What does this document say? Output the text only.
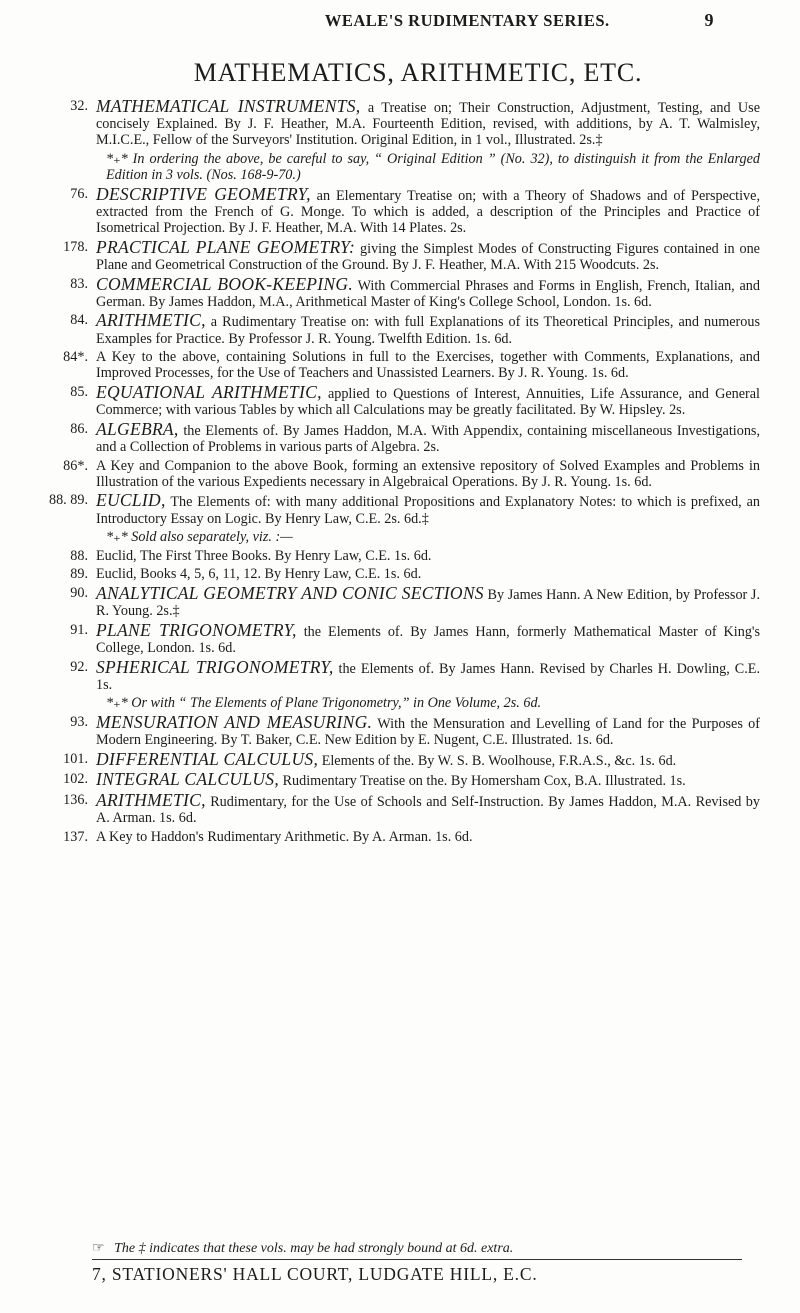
WEALE'S RUDIMENTARY SERIES.	9
MATHEMATICS, ARITHMETIC, ETC.
32. MATHEMATICAL INSTRUMENTS, a Treatise on; Their Construction, Adjustment, Testing, and Use concisely Explained. By J. F. Heather, M.A. Fourteenth Edition, revised, with additions, by A. T. Walmisley, M.I.C.E., Fellow of the Surveyors' Institution. Original Edition, in 1 vol., Illustrated. 2s.‡
*₊* In ordering the above, be careful to say, “ Original Edition ” (No. 32), to distinguish it from the Enlarged Edition in 3 vols. (Nos. 168-9-70.)
76. DESCRIPTIVE GEOMETRY, an Elementary Treatise on; with a Theory of Shadows and of Perspective, extracted from the French of G. Monge. To which is added, a description of the Principles and Practice of Isometrical Projection. By J. F. Heather, M.A. With 14 Plates. 2s.
178. PRACTICAL PLANE GEOMETRY: giving the Simplest Modes of Constructing Figures contained in one Plane and Geometrical Construction of the Ground. By J. F. Heather, M.A. With 215 Woodcuts. 2s.
83. COMMERCIAL BOOK-KEEPING. With Commercial Phrases and Forms in English, French, Italian, and German. By James Haddon, M.A., Arithmetical Master of King's College School, London. 1s. 6d.
84. ARITHMETIC, a Rudimentary Treatise on: with full Explanations of its Theoretical Principles, and numerous Examples for Practice. By Professor J. R. Young. Twelfth Edition. 1s. 6d.
84*. A Key to the above, containing Solutions in full to the Exercises, together with Comments, Explanations, and Improved Processes, for the Use of Teachers and Unassisted Learners. By J. R. Young. 1s. 6d.
85. EQUATIONAL ARITHMETIC, applied to Questions of Interest, Annuities, Life Assurance, and General Commerce; with various Tables by which all Calculations may be greatly facilitated. By W. Hipsley. 2s.
86. ALGEBRA, the Elements of. By James Haddon, M.A. With Appendix, containing miscellaneous Investigations, and a Collection of Problems in various parts of Algebra. 2s.
86*. A Key and Companion to the above Book, forming an extensive repository of Solved Examples and Problems in Illustration of the various Expedients necessary in Algebraical Operations. By J. R. Young. 1s. 6d.
88. 89. EUCLID, The Elements of: with many additional Propositions and Explanatory Notes: to which is prefixed, an Introductory Essay on Logic. By Henry Law, C.E. 2s. 6d.‡
*₊* Sold also separately, viz. :—
88. Euclid, The First Three Books. By Henry Law, C.E. 1s. 6d.
89. Euclid, Books 4, 5, 6, 11, 12. By Henry Law, C.E. 1s. 6d.
90. ANALYTICAL GEOMETRY AND CONIC SECTIONS By James Hann. A New Edition, by Professor J. R. Young. 2s.‡
91. PLANE TRIGONOMETRY, the Elements of. By James Hann, formerly Mathematical Master of King's College, London. 1s. 6d.
92. SPHERICAL TRIGONOMETRY, the Elements of. By James Hann. Revised by Charles H. Dowling, C.E. 1s.
*₊* Or with “ The Elements of Plane Trigonometry,” in One Volume, 2s. 6d.
93. MENSURATION AND MEASURING. With the Mensuration and Levelling of Land for the Purposes of Modern Engineering. By T. Baker, C.E. New Edition by E. Nugent, C.E. Illustrated. 1s. 6d.
101. DIFFERENTIAL CALCULUS, Elements of the. By W. S. B. Woolhouse, F.R.A.S., &c. 1s. 6d.
102. INTEGRAL CALCULUS, Rudimentary Treatise on the. By Homersham Cox, B.A. Illustrated. 1s.
136. ARITHMETIC, Rudimentary, for the Use of Schools and Self-Instruction. By James Haddon, M.A. Revised by A. Arman. 1s. 6d.
137. A Key to Haddon's Rudimentary Arithmetic. By A. Arman. 1s. 6d.
☞ The ‡ indicates that these vols. may be had strongly bound at 6d. extra.
7, STATIONERS' HALL COURT, LUDGATE HILL, E.C.
